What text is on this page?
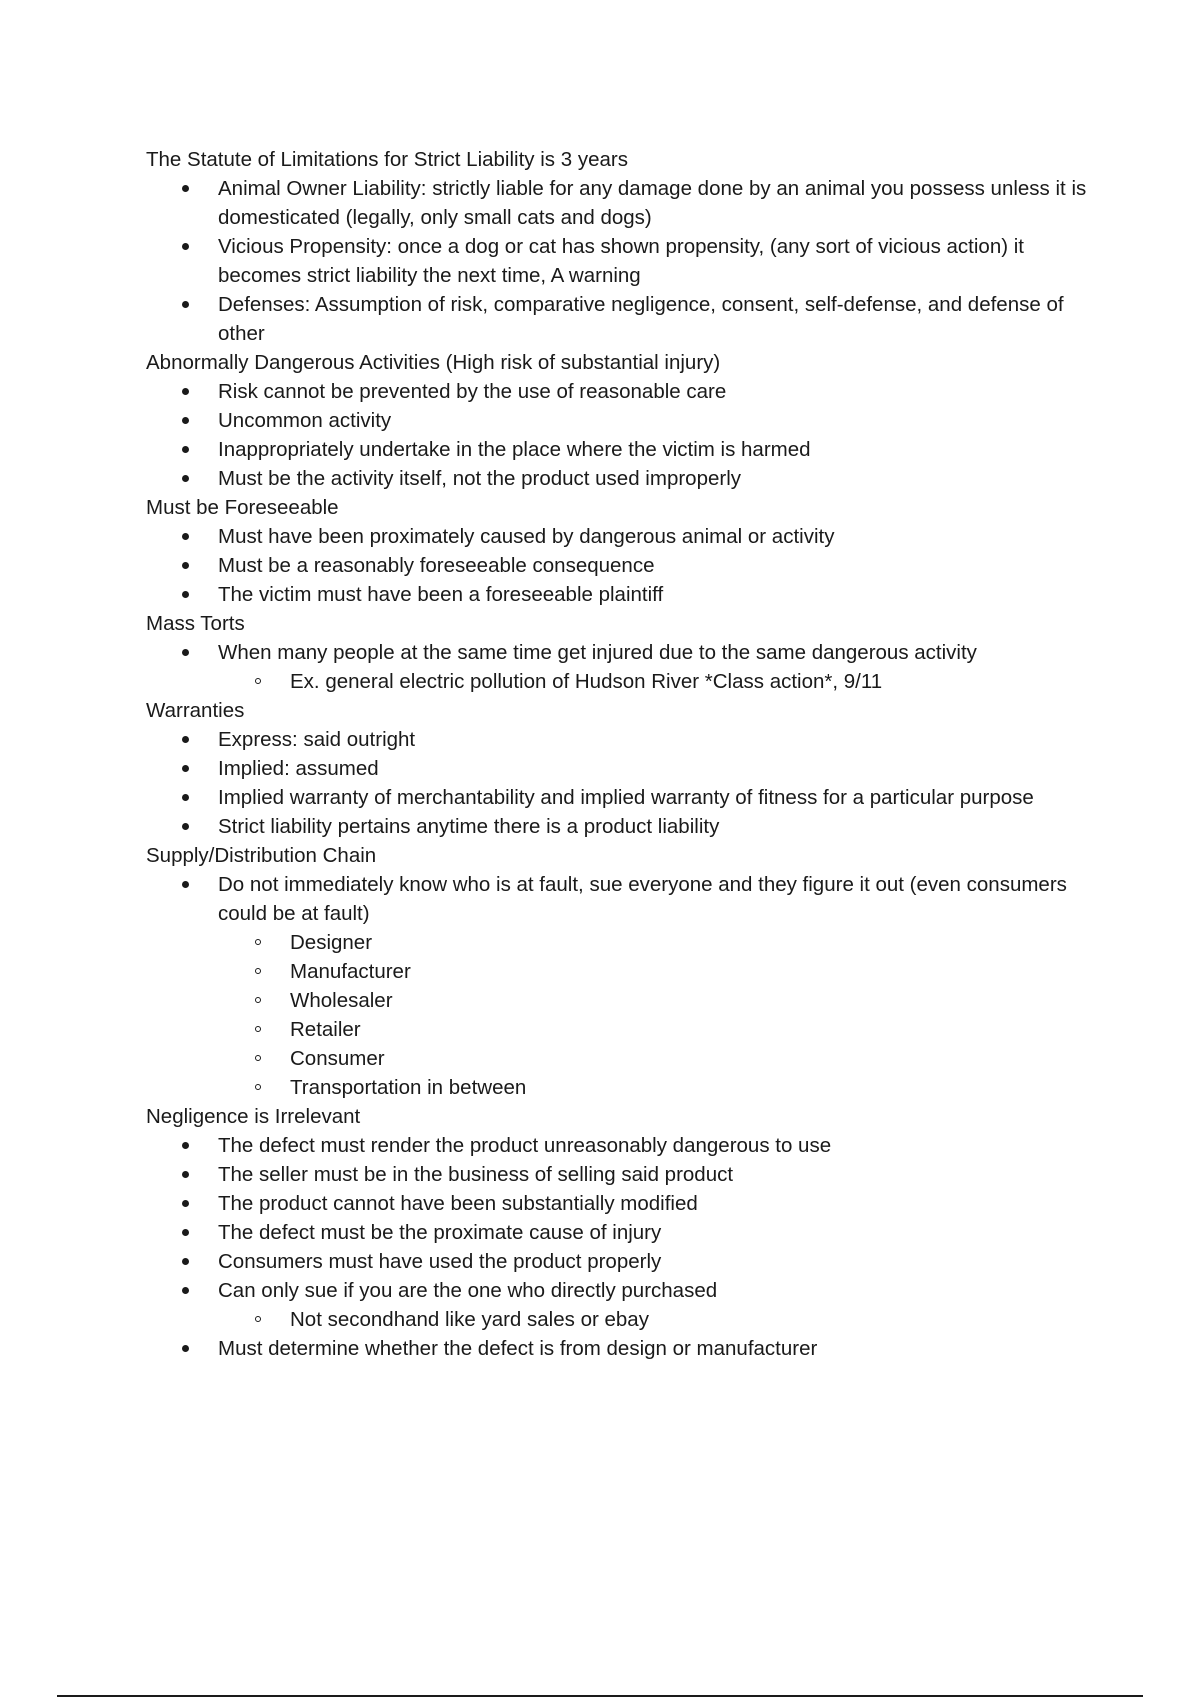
The Statute of Limitations for Strict Liability is 3 years

Animal Owner Liability: strictly liable for any damage done by an animal you possess unless it is domesticated (legally, only small cats and dogs)
Vicious Propensity: once a dog or cat has shown propensity, (any sort of vicious action) it becomes strict liability the next time, A warning
Defenses: Assumption of risk, comparative negligence, consent, self-defense, and defense of other

Abnormally Dangerous Activities (High risk of substantial injury)

Risk cannot be prevented by the use of reasonable care
Uncommon activity
Inappropriately undertake in the place where the victim is harmed
Must be the activity itself, not the product used improperly

Must be Foreseeable

Must have been proximately caused by dangerous animal or activity
Must be a reasonably foreseeable consequence
The victim must have been a foreseeable plaintiff

Mass Torts

When many people at the same time get injured due to the same dangerous activity
Ex. general electric pollution of Hudson River *Class action*, 9/11

Warranties

Express: said outright
Implied: assumed
Implied warranty of merchantability and implied warranty of fitness for a particular purpose
Strict liability pertains anytime there is a product liability

Supply/Distribution Chain

Do not immediately know who is at fault, sue everyone and they figure it out (even consumers could be at fault)
Designer
Manufacturer
Wholesaler
Retailer
Consumer
Transportation in between

Negligence is Irrelevant

The defect must render the product unreasonably dangerous to use
The seller must be in the business of selling said product
The product cannot have been substantially modified
The defect must be the proximate cause of injury
Consumers must have used the product properly
Can only sue if you are the one who directly purchased
Not secondhand like yard sales or ebay
Must determine whether the defect is from design or manufacturer
